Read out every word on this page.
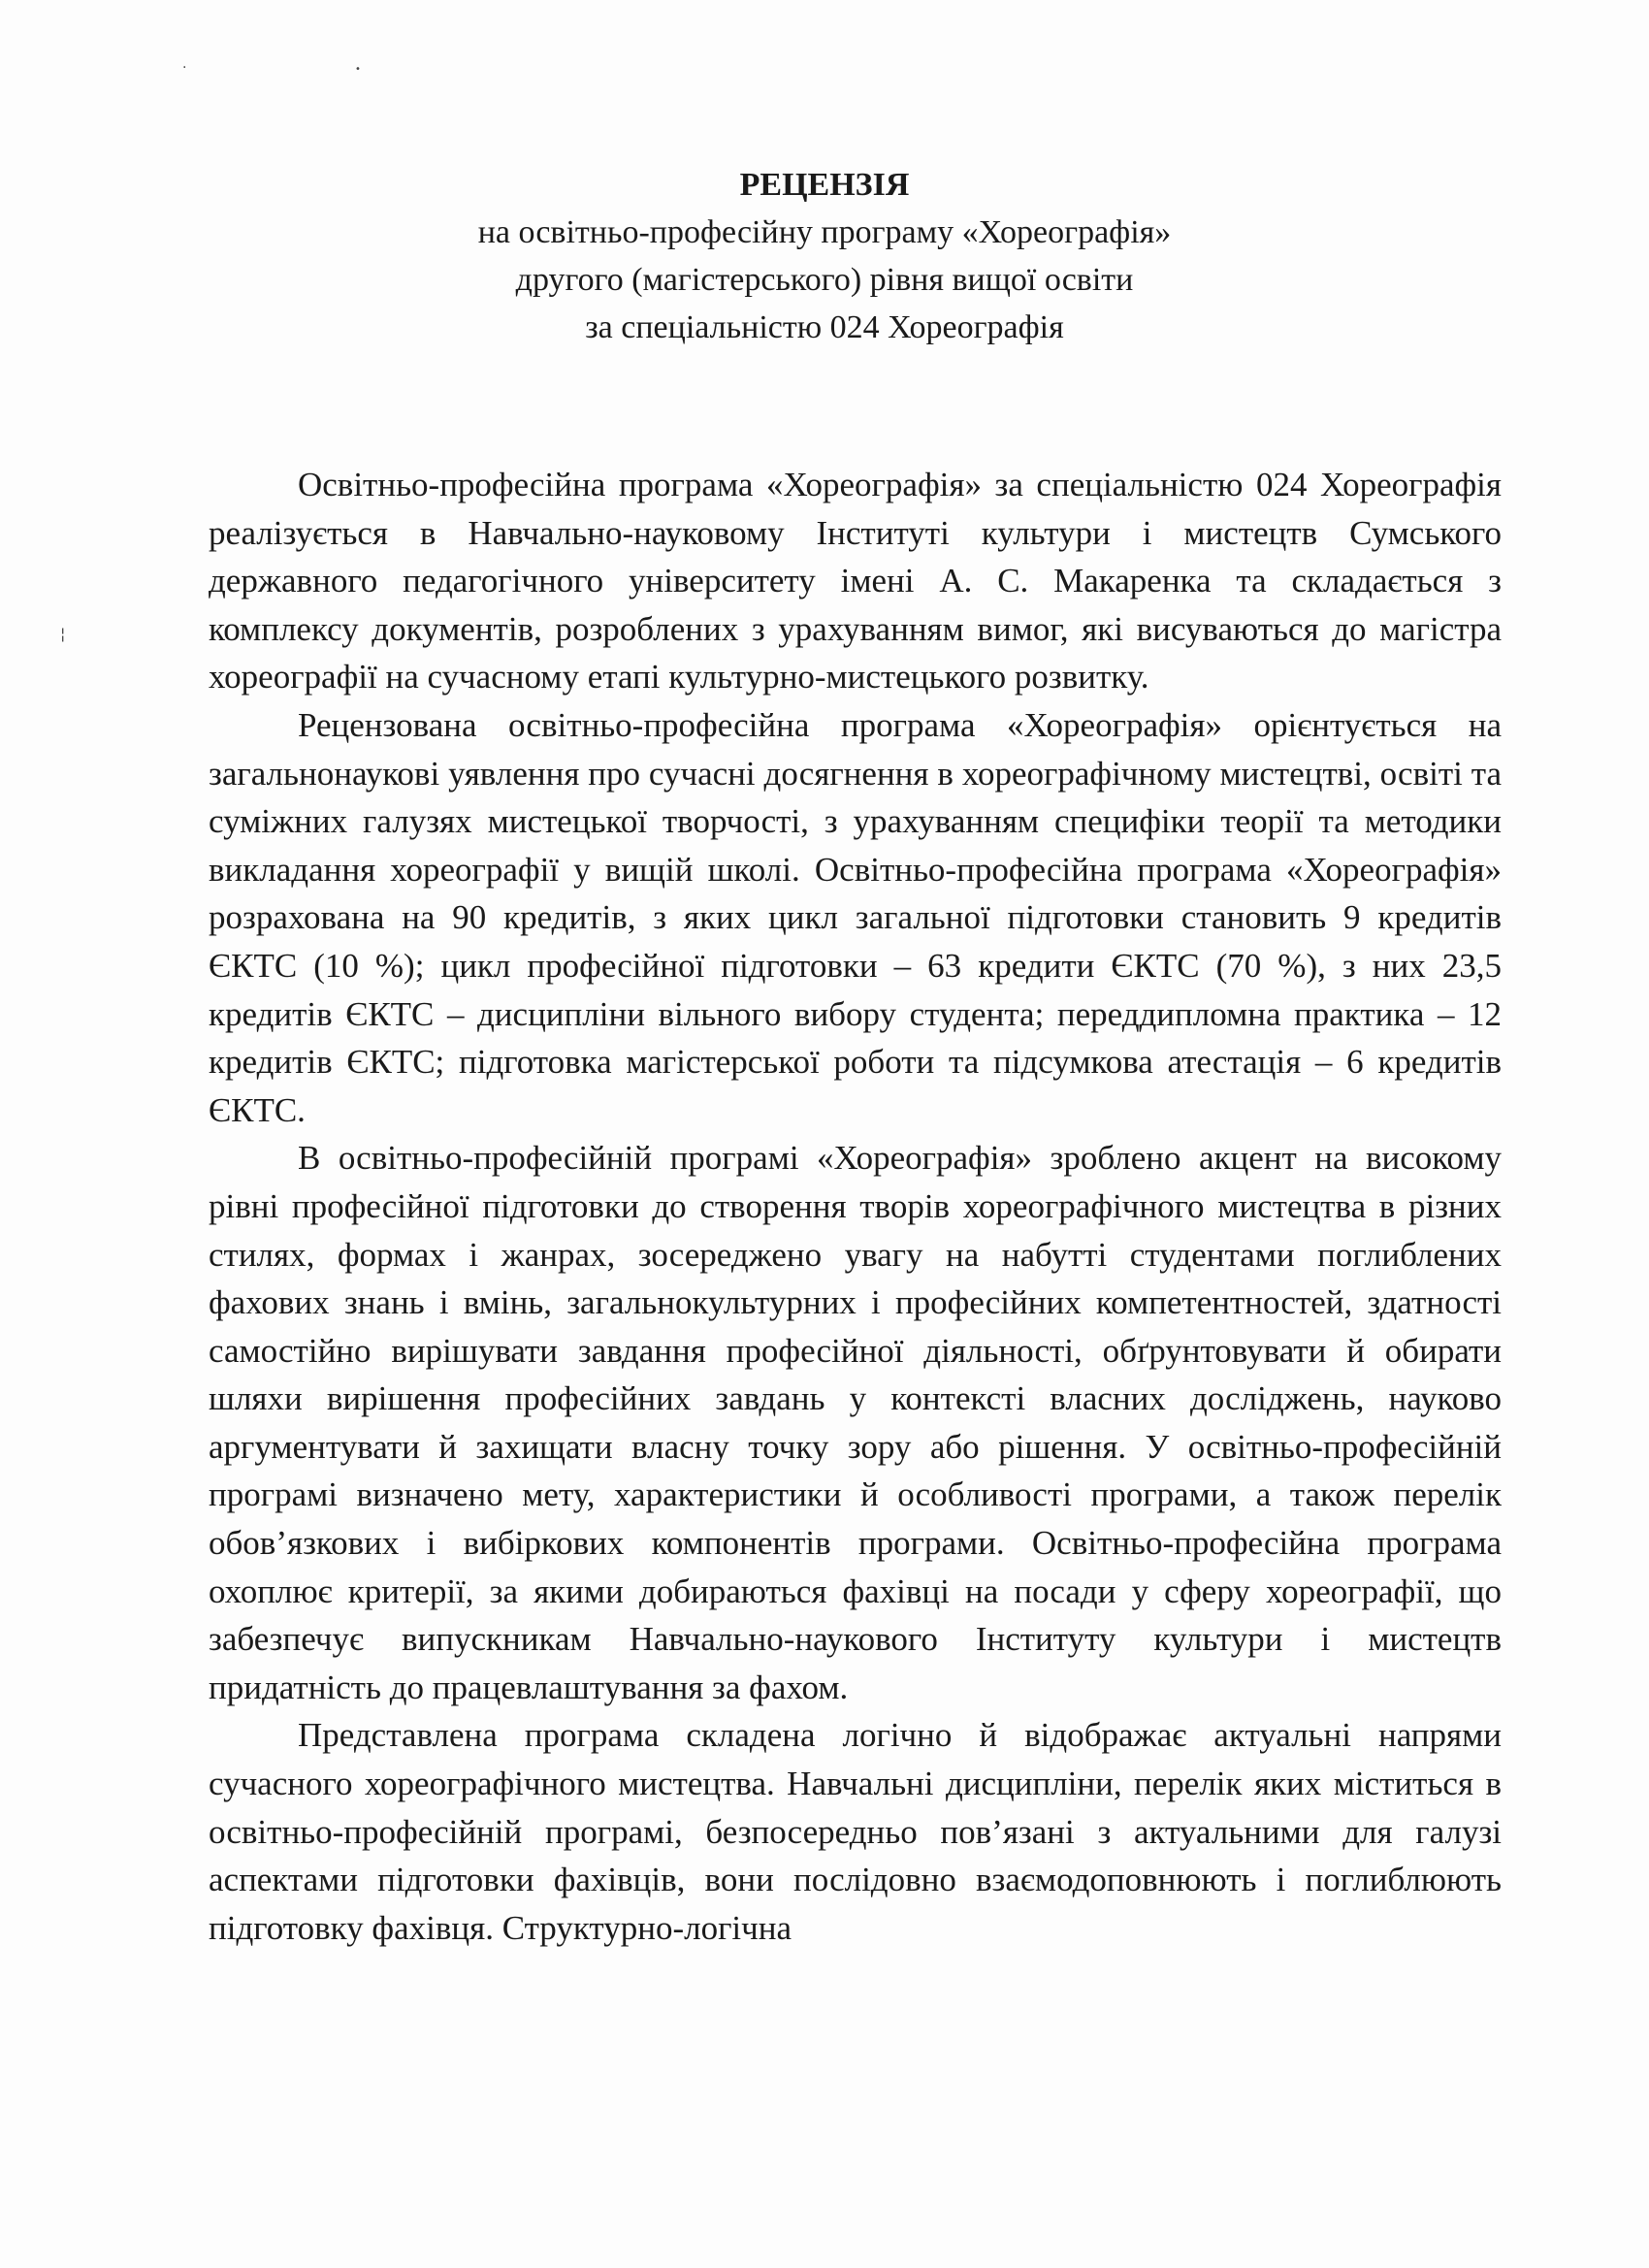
·	•
¦
РЕЦЕНЗІЯ
на освітньо-професійну програму «Хореографія»
другого (магістерського) рівня вищої освіти
за спеціальністю 024 Хореографія

Освітньо-професійна програма «Хореографія» за спеціальністю 024 Хореографія реалізується в Навчально-науковому Інституті культури і мистецтв Сумського державного педагогічного університету імені А. С. Макаренка та складається з комплексу документів, розроблених з урахуванням вимог, які висуваються до магістра хореографії на сучасному етапі культурно-мистецького розвитку.

Рецензована освітньо-професійна програма «Хореографія» орієнтується на загальнонаукові уявлення про сучасні досягнення в хореографічному мистецтві, освіті та суміжних галузях мистецької творчості, з урахуванням специфіки теорії та методики викладання хореографії у вищій школі. Освітньо-професійна програма «Хореографія» розрахована на 90 кредитів, з яких цикл загальної підготовки становить 9 кредитів ЄКТС (10 %); цикл професійної підготовки – 63 кредити ЄКТС (70 %), з них 23,5 кредитів ЄКТС – дисципліни вільного вибору студента; переддипломна практика – 12 кредитів ЄКТС; підготовка магістерської роботи та підсумкова атестація – 6 кредитів ЄКТС.

В освітньо-професійній програмі «Хореографія» зроблено акцент на високому рівні професійної підготовки до створення творів хореографічного мистецтва в різних стилях, формах і жанрах, зосереджено увагу на набутті студентами поглиблених фахових знань і вмінь, загальнокультурних і професійних компетентностей, здатності самостійно вирішувати завдання професійної діяльності, обґрунтовувати й обирати шляхи вирішення професійних завдань у контексті власних досліджень, науково аргументувати й захищати власну точку зору або рішення. У освітньо-професійній програмі визначено мету, характеристики й особливості програми, а також перелік обов’язкових і вибіркових компонентів програми. Освітньо-професійна програма охоплює критерії, за якими добираються фахівці на посади у сферу хореографії, що забезпечує випускникам Навчально-наукового Інституту культури і мистецтв придатність до працевлаштування за фахом.

Представлена програма складена логічно й відображає актуальні напрями сучасного хореографічного мистецтва. Навчальні дисципліни, перелік яких міститься в освітньо-професійній програмі, безпосередньо пов’язані з актуальними для галузі аспектами підготовки фахівців, вони послідовно взаємодоповнюють і поглиблюють підготовку фахівця. Структурно-логічна
